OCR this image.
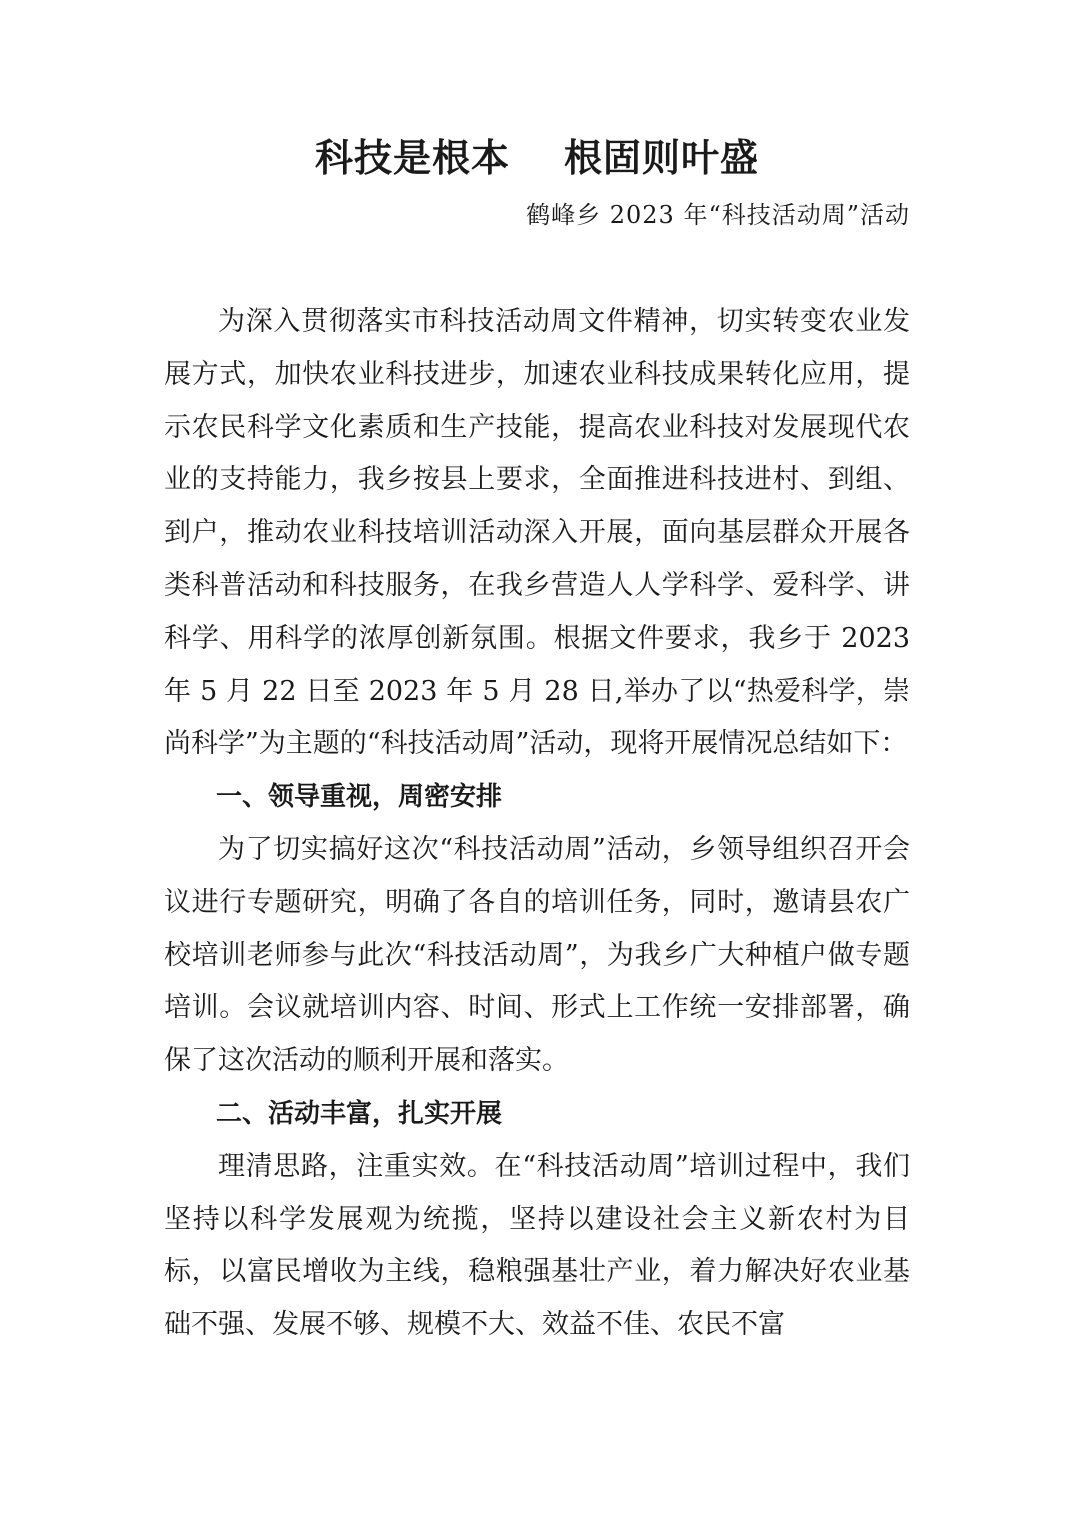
科技是根本 根固则叶盛

鹤峰乡 2023 年“科技活动周”活动

为深入贯彻落实市科技活动周文件精神，切实转变农业发展方式，加快农业科技进步，加速农业科技成果转化应用，提示农民科学文化素质和生产技能，提高农业科技对发展现代农业的支持能力，我乡按县上要求，全面推进科技进村、到组、到户，推动农业科技培训活动深入开展，面向基层群众开展各类科普活动和科技服务，在我乡营造人人学科学、爱科学、讲科学、用科学的浓厚创新氛围。根据文件要求，我乡于 2023 年 5 月 22 日至 2023 年 5 月 28 日,举办了以“热爱科学，崇尚科学”为主题的“科技活动周”活动，现将开展情况总结如下：

一、领导重视，周密安排

为了切实搞好这次“科技活动周”活动，乡领导组织召开会议进行专题研究，明确了各自的培训任务，同时，邀请县农广校培训老师参与此次“科技活动周”，为我乡广大种植户做专题培训。会议就培训内容、时间、形式上工作统一安排部署，确保了这次活动的顺利开展和落实。

二、活动丰富，扎实开展

理清思路，注重实效。在“科技活动周”培训过程中，我们坚持以科学发展观为统揽，坚持以建设社会主义新农村为目标，以富民增收为主线，稳粮强基壮产业，着力解决好农业基础不强、发展不够、规模不大、效益不佳、农民不富
